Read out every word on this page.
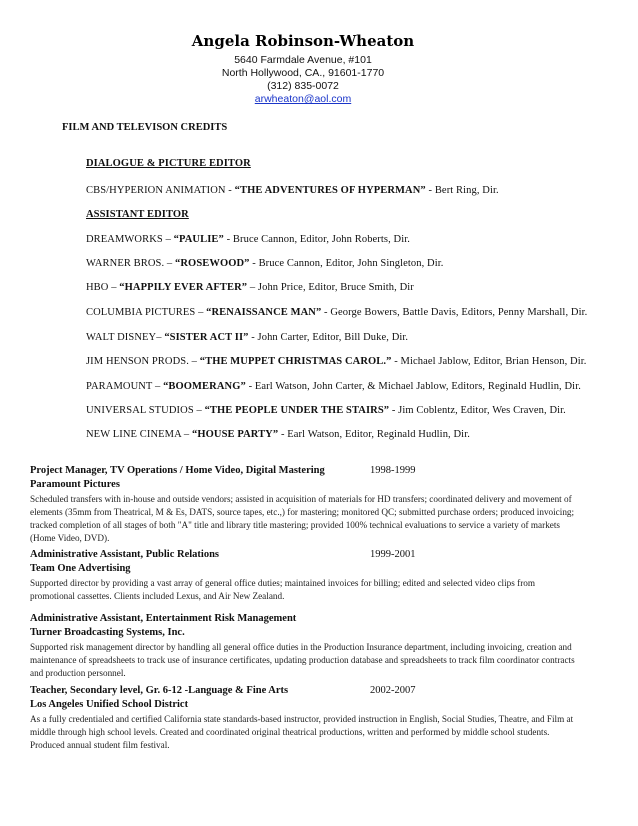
Angela Robinson-Wheaton
5640 Farmdale Avenue, #101
North Hollywood, CA., 91601-1770
(312) 835-0072
arwheaton@aol.com
FILM AND TELEVISON CREDITS
DIALOGUE & PICTURE EDITOR
CBS/HYPERION ANIMATION - “THE ADVENTURES OF HYPERMAN” - Bert Ring, Dir.
ASSISTANT EDITOR
DREAMWORKS – “PAULIE” - Bruce Cannon, Editor, John Roberts, Dir.
WARNER BROS. – “ROSEWOOD” - Bruce Cannon, Editor, John Singleton, Dir.
HBO – “HAPPILY EVER AFTER” – John Price, Editor, Bruce Smith, Dir
COLUMBIA PICTURES – “RENAISSANCE MAN” - George Bowers, Battle Davis, Editors, Penny Marshall, Dir.
WALT DISNEY– “SISTER ACT II” - John Carter, Editor, Bill Duke, Dir.
JIM HENSON PRODS. – “THE MUPPET CHRISTMAS CAROL.” - Michael Jablow, Editor, Brian Henson, Dir.
PARAMOUNT – “BOOMERANG” - Earl Watson, John Carter, & Michael Jablow, Editors, Reginald Hudlin, Dir.
UNIVERSAL STUDIOS – “THE PEOPLE UNDER THE STAIRS” - Jim Coblentz, Editor, Wes Craven, Dir.
NEW LINE CINEMA – “HOUSE PARTY” - Earl Watson, Editor, Reginald Hudlin, Dir.
Project Manager, TV Operations / Home Video, Digital Mastering	1998-1999
Paramount Pictures
Scheduled transfers with in-house and outside vendors; assisted in acquisition of materials for HD transfers; coordinated delivery and movement of elements (35mm from Theatrical, M & Es, DATS, source tapes, etc.,) for mastering; monitored QC; submitted purchase orders; produced invoicing; tracked completion of all stages of both "A" title and library title mastering; provided 100% technical evaluations to service a variety of markets (Home Video, DVD).
Administrative Assistant, Public Relations	1999-2001
Team One Advertising
Supported director by providing a vast array of general office duties; maintained invoices for billing; edited and selected video clips from promotional cassettes. Clients included Lexus, and Air New Zealand.
Administrative Assistant, Entertainment Risk Management
Turner Broadcasting Systems, Inc.
Supported risk management director by handling all general office duties in the Production Insurance department, including invoicing, creation and maintenance of spreadsheets to track use of insurance certificates, updating production database and spreadsheets to track film coordinator contracts and production personnel.
Teacher, Secondary level, Gr. 6-12 -Language & Fine Arts	2002-2007
Los Angeles Unified School District
As a fully credentialed and certified California state standards-based instructor, provided instruction in English, Social Studies, Theatre, and Film at middle through high school levels. Created and coordinated original theatrical productions, written and performed by middle school students. Produced annual student film festival.
